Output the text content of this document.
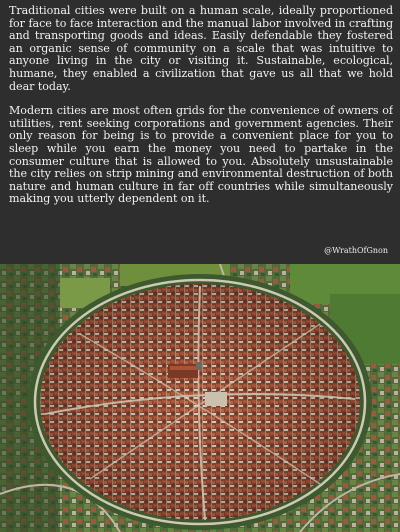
Traditional cities were built on a human scale, ideally proportioned for face to face interaction and the manual labor involved in crafting and transporting goods and ideas. Easily defendable they fostered an organic sense of community on a scale that was intuitive to anyone living in the city or visiting it. Sustainable, ecological, humane, they enabled a civilization that gave us all that we hold dear today.

Modern cities are most often grids for the convenience of owners of utilities, rent seeking corporations and government agencies. Their only reason for being is to provide a convenient place for you to sleep while you earn the money you need to partake in the consumer culture that is allowed to you. Absolutely unsustainable the city relies on strip mining and environmental destruction of both nature and human culture in far off countries while simultaneously making you utterly dependent on it.

@WrathOfGnon
